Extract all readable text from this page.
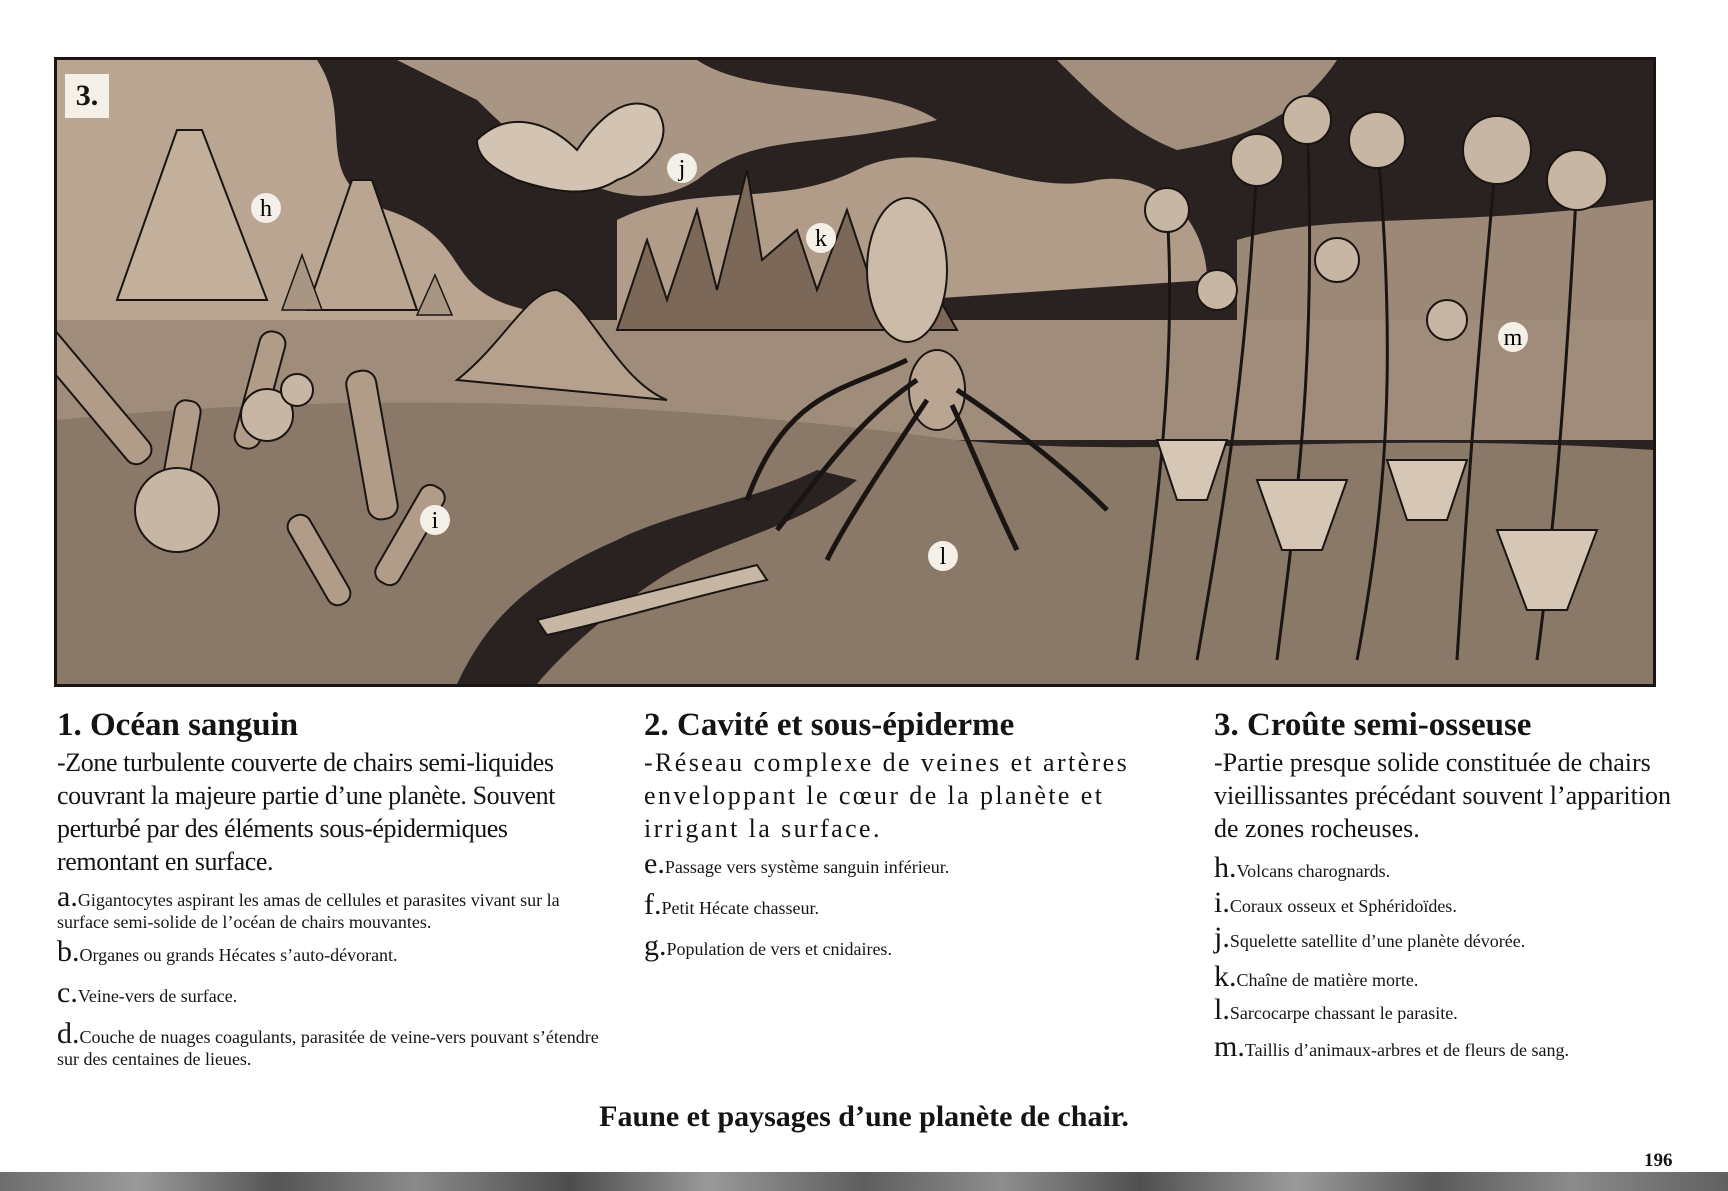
3.
h
i
j
k
l
m
1. Océan sanguin

-Zone turbulente couverte de chairs semi-liquides couvrant la majeure partie d’une planète. Souvent perturbé par des éléments sous-épidermiques remontant en surface.

a.Gigantocytes aspirant les amas de cellules et parasites vivant sur la surface semi-solide de l’océan de chairs mouvantes.
b.Organes ou grands Hécates s’auto-dévorant.
c.Veine-vers de surface.
d.Couche de nuages coagulants, parasitée de veine-vers pouvant s’étendre sur des centaines de lieues.
2. Cavité et sous-épiderme

-Réseau complexe de veines et artères enveloppant le cœur de la planète et irrigant la surface.

e.Passage vers système sanguin inférieur.
f.Petit Hécate chasseur.
g.Population de vers et cnidaires.
3. Croûte semi-osseuse

-Partie presque solide constituée de chairs vieillissantes précédant souvent l’apparition de zones rocheuses.

h.Volcans charognards.
i.Coraux osseux et Sphéridoïdes.
j.Squelette satellite d’une planète dévorée.
k.Chaîne de matière morte.
l.Sarcocarpe chassant le parasite.
m.Taillis d’animaux-arbres et de fleurs de sang.
Faune et paysages d’une planète de chair.
196
